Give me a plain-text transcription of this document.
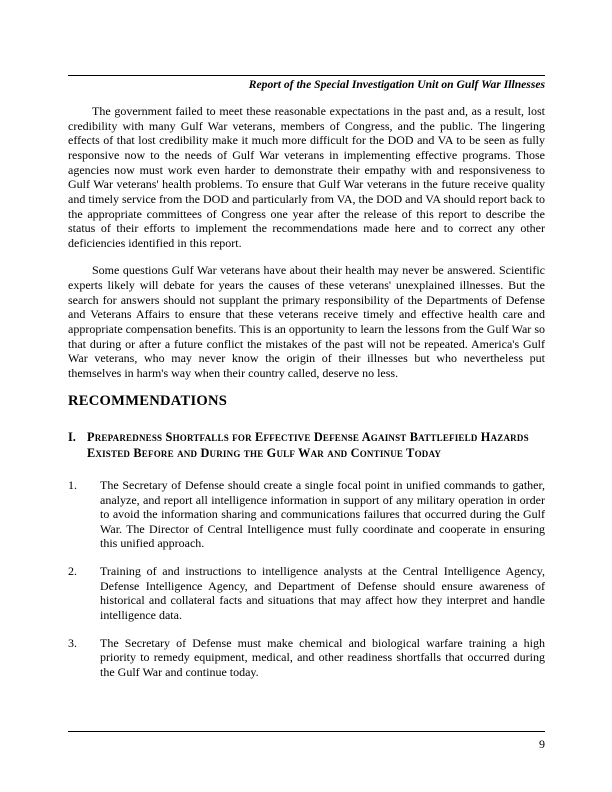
Report of the Special Investigation Unit on Gulf War Illnesses

The government failed to meet these reasonable expectations in the past and, as a result, lost credibility with many Gulf War veterans, members of Congress, and the public. The lingering effects of that lost credibility make it much more difficult for the DOD and VA to be seen as fully responsive now to the needs of Gulf War veterans in implementing effective programs. Those agencies now must work even harder to demonstrate their empathy with and responsiveness to Gulf War veterans' health problems. To ensure that Gulf War veterans in the future receive quality and timely service from the DOD and particularly from VA, the DOD and VA should report back to the appropriate committees of Congress one year after the release of this report to describe the status of their efforts to implement the recommendations made here and to correct any other deficiencies identified in this report.

Some questions Gulf War veterans have about their health may never be answered. Scientific experts likely will debate for years the causes of these veterans' unexplained illnesses. But the search for answers should not supplant the primary responsibility of the Departments of Defense and Veterans Affairs to ensure that these veterans receive timely and effective health care and appropriate compensation benefits. This is an opportunity to learn the lessons from the Gulf War so that during or after a future conflict the mistakes of the past will not be repeated. America's Gulf War veterans, who may never know the origin of their illnesses but who nevertheless put themselves in harm's way when their country called, deserve no less.

RECOMMENDATIONS
I. Preparedness Shortfalls for Effective Defense Against Battlefield Hazards Existed Before and During the Gulf War and Continue Today
1.	The Secretary of Defense should create a single focal point in unified commands to gather, analyze, and report all intelligence information in support of any military operation in order to avoid the information sharing and communications failures that occurred during the Gulf War. The Director of Central Intelligence must fully coordinate and cooperate in ensuring this unified approach.
2.	Training of and instructions to intelligence analysts at the Central Intelligence Agency, Defense Intelligence Agency, and Department of Defense should ensure awareness of historical and collateral facts and situations that may affect how they interpret and handle intelligence data.
3.	The Secretary of Defense must make chemical and biological warfare training a high priority to remedy equipment, medical, and other readiness shortfalls that occurred during the Gulf War and continue today.
9
